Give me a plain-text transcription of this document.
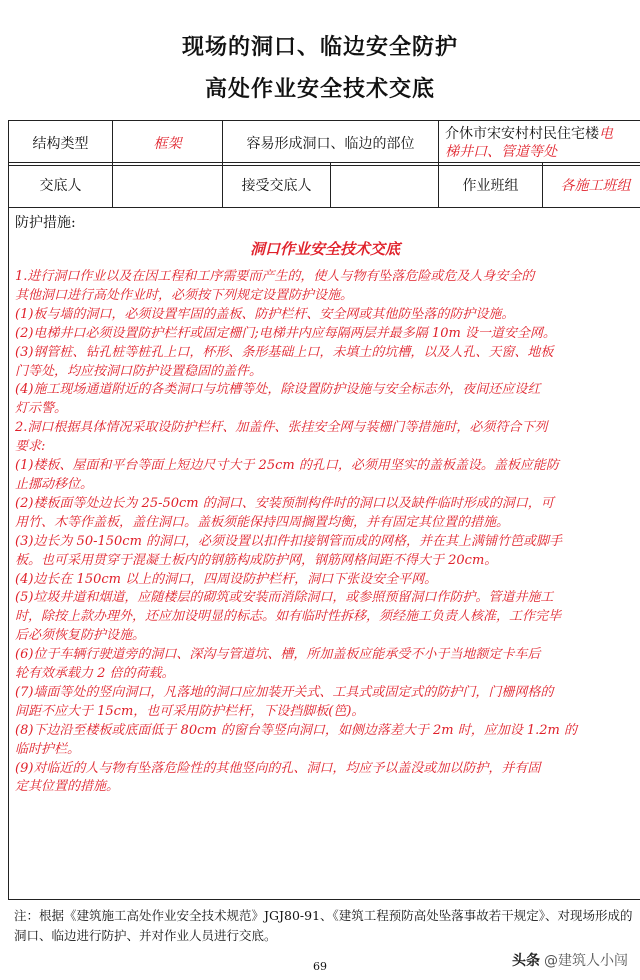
现场的洞口、临边安全防护
高处作业安全技术交底
结构类型	框架	容易形成洞口、临边的部位	介休市宋安村村民住宅楼电
梯井口、管道等处
交底人		接受交底人		作业班组	各施工班组
防护措施:
洞口作业安全技术交底

1.进行洞口作业以及在因工程和工序需要而产生的，使人与物有坠落危险或危及人身安全的

其他洞口进行高处作业时，必须按下列规定设置防护设施。

(1)板与墙的洞口，必须设置牢固的盖板、防护栏杆、安全网或其他防坠落的防护设施。

(2)电梯井口必须设置防护栏杆或固定栅门;电梯井内应每隔两层并最多隔 10m 设一道安全网。

(3)钢管桩、钻孔桩等桩孔上口，杯形、条形基础上口，未填土的坑槽，以及人孔、天窗、地板

门等处，均应按洞口防护设置稳固的盖件。

(4)施工现场通道附近的各类洞口与坑槽等处，除设置防护设施与安全标志外，夜间还应设红

灯示警。

2.洞口根据具体情况采取设防护栏杆、加盖件、张挂安全网与装栅门等措施时，必须符合下列

要求:

(1)楼板、屋面和平台等面上短边尺寸大于 25cm 的孔口，必须用坚实的盖板盖设。盖板应能防

止挪动移位。

(2)楼板面等处边长为 25-50cm 的洞口、安装预制构件时的洞口以及缺件临时形成的洞口，可

用竹、木等作盖板，盖住洞口。盖板须能保持四周搁置均衡，并有固定其位置的措施。

(3)边长为 50-150cm 的洞口，必须设置以扣件扣接钢管而成的网格，并在其上满铺竹笆或脚手

板。也可采用贯穿于混凝土板内的钢筋构成防护网，钢筋网格间距不得大于 20cm。

(4)边长在 150cm 以上的洞口，四周设防护栏杆，洞口下张设安全平网。

(5)垃圾井道和烟道，应随楼层的砌筑或安装而消除洞口，或参照预留洞口作防护。管道井施工

时，除按上款办理外，还应加设明显的标志。如有临时性拆移，须经施工负责人核准，工作完毕

后必须恢复防护设施。

(6)位于车辆行驶道旁的洞口、深沟与管道坑、槽，所加盖板应能承受不小于当地额定卡车后

轮有效承载力 2 倍的荷载。

(7)墙面等处的竖向洞口，凡落地的洞口应加装开关式、工具式或固定式的防护门，门栅网格的

间距不应大于 15cm，也可采用防护栏杆，下设挡脚板(笆)。

(8)下边沿至楼板或底面低于 80cm 的窗台等竖向洞口，如侧边落差大于 2m 时，应加设 1.2m 的

临时护栏。

(9)对临近的人与物有坠落危险性的其他竖向的孔、洞口，均应予以盖没或加以防护，并有固

定其位置的措施。

注：根据《建筑施工高处作业安全技术规范》JGJ80-91、《建筑工程预防高处坠落事故若干规定》、对现场形成的洞口、临边进行防护、并对作业人员进行交底。
69	头条 @建筑人小闯
